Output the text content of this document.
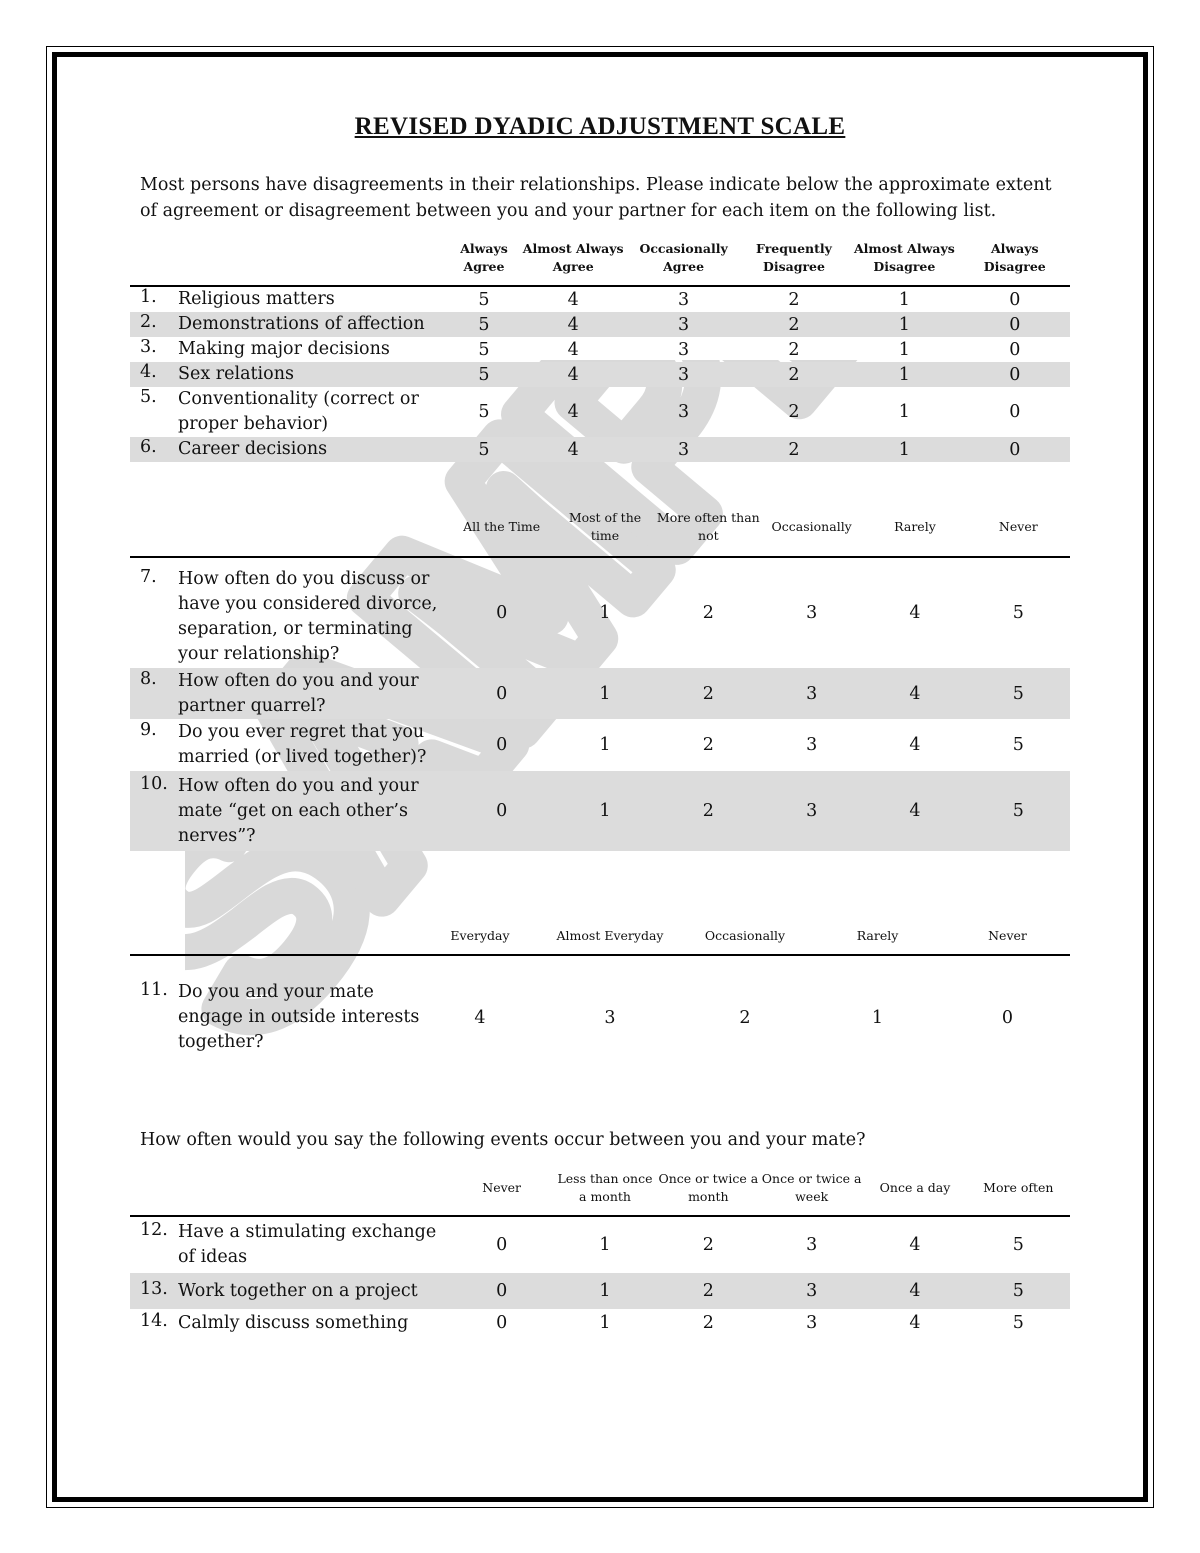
REVISED DYADIC ADJUSTMENT SCALE
Most persons have disagreements in their relationships. Please indicate below the approximate extent of agreement or disagreement between you and your partner for each item on the following list.
	Always Agree	Almost Always Agree	Occasionally Agree	Frequently Disagree	Almost Always Disagree	Always Disagree

1. Religious matters	5	4	3	2	1	0

2. Demonstrations of affection	5	4	3	2	1	0

3. Making major decisions	5	4	3	2	1	0

4. Sex relations	5	4	3	2	1	0

5. Conventionality (correct or proper behavior)	5	4	3	2	1	0

6. Career decisions	5	4	3	2	1	0
	All the Time	Most of the time	More often than not	Occasionally	Rarely	Never

7. How often do you discuss or have you considered divorce, separation, or terminating your relationship?	0	1	2	3	4	5

8. How often do you and your partner quarrel?	0	1	2	3	4	5

9. Do you ever regret that you married (or lived together)?	0	1	2	3	4	5

10. How often do you and your mate “get on each other’s nerves”?	0	1	2	3	4	5
	Everyday	Almost Everyday	Occasionally	Rarely	Never

11. Do you and your mate engage in outside interests together?	4	3	2	1	0
How often would you say the following events occur between you and your mate?
	Never	Less than once a month	Once or twice a month	Once or twice a week	Once a day	More often

12. Have a stimulating exchange of ideas	0	1	2	3	4	5

13. Work together on a project	0	1	2	3	4	5

14. Calmly discuss something	0	1	2	3	4	5
